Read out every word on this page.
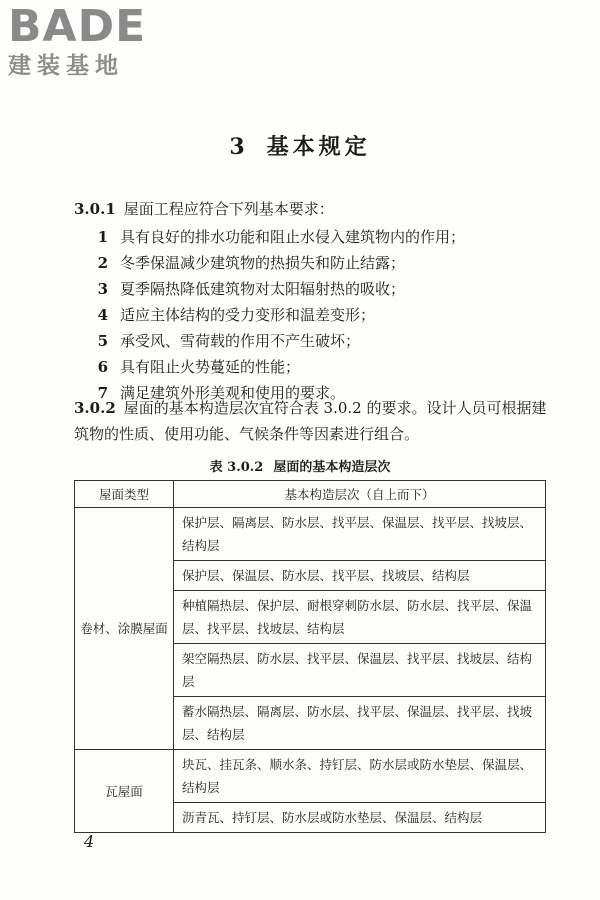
BADE
建装基地
3 基本规定
3.0.1 屋面工程应符合下列基本要求：
1 具有良好的排水功能和阻止水侵入建筑物内的作用；
2 冬季保温减少建筑物的热损失和防止结露；
3 夏季隔热降低建筑物对太阳辐射热的吸收；
4 适应主体结构的受力变形和温差变形；
5 承受风、雪荷载的作用不产生破坏；
6 具有阻止火势蔓延的性能；
7 满足建筑外形美观和使用的要求。
3.0.2 屋面的基本构造层次宜符合表 3.0.2 的要求。设计人员可根据建筑物的性质、使用功能、气候条件等因素进行组合。
表 3.0.2 屋面的基本构造层次
屋面类型	基本构造层次（自上而下）
卷材、涂膜屋面	保护层、隔离层、防水层、找平层、保温层、找平层、找坡层、结构层
	保护层、保温层、防水层、找平层、找坡层、结构层
	种植隔热层、保护层、耐根穿刺防水层、防水层、找平层、保温层、找平层、找坡层、结构层
	架空隔热层、防水层、找平层、保温层、找平层、找坡层、结构层
	蓄水隔热层、隔离层、防水层、找平层、保温层、找平层、找坡层、结构层
瓦屋面	块瓦、挂瓦条、顺水条、持钉层、防水层或防水垫层、保温层、结构层
	沥青瓦、持钉层、防水层或防水垫层、保温层、结构层
4
